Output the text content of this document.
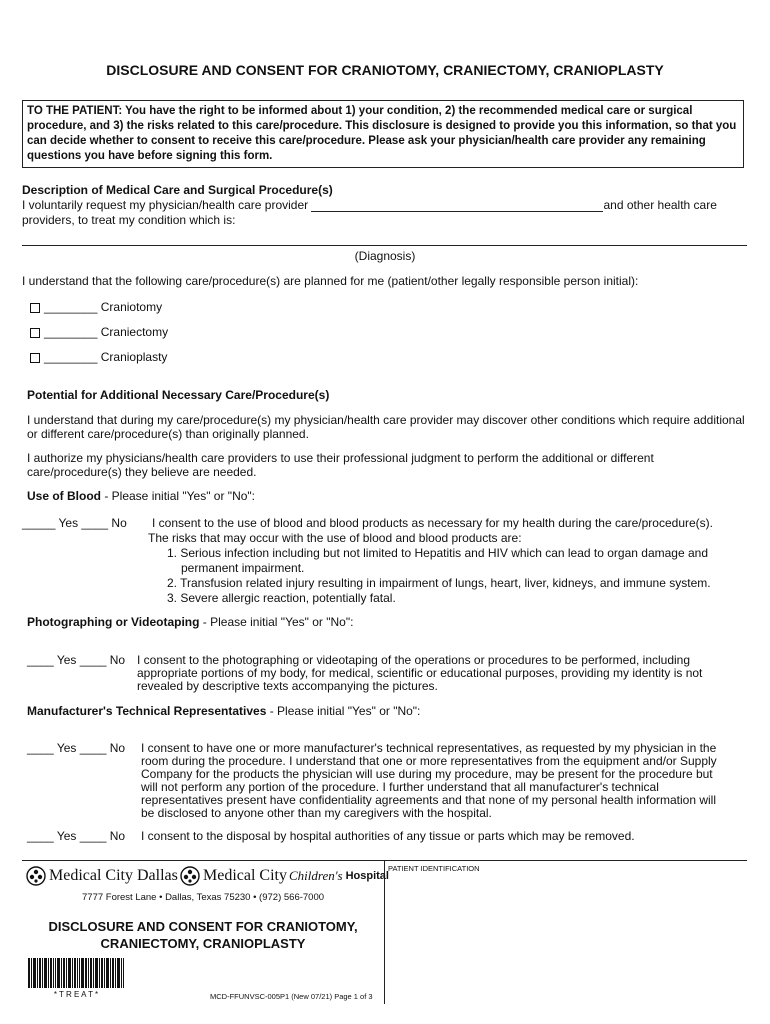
DISCLOSURE AND CONSENT FOR CRANIOTOMY, CRANIECTOMY, CRANIOPLASTY
TO THE PATIENT: You have the right to be informed about 1) your condition, 2) the recommended medical care or surgical procedure, and 3) the risks related to this care/procedure. This disclosure is designed to provide you this information, so that you can decide whether to consent to receive this care/procedure. Please ask your physician/health care provider any remaining questions you have before signing this form.
Description of Medical Care and Surgical Procedure(s)
I voluntarily request my physician/health care provider	and other health care
providers, to treat my condition which is:
(Diagnosis)
I understand that the following care/procedure(s) are planned for me (patient/other legally responsible person initial):
________ Craniotomy
________ Craniectomy
________ Cranioplasty
Potential for Additional Necessary Care/Procedure(s)
I understand that during my care/procedure(s) my physician/health care provider may discover other conditions which require additional or different care/procedure(s) than originally planned.
I authorize my physicians/health care providers to use their professional judgment to perform the additional or different care/procedure(s) they believe are needed.
Use of Blood - Please initial "Yes" or "No":
_____ Yes ____ No I consent to the use of blood and blood products as necessary for my health during the care/procedure(s).
The risks that may occur with the use of blood and blood products are:
1. Serious infection including but not limited to Hepatitis and HIV which can lead to organ damage and
permanent impairment.
2. Transfusion related injury resulting in impairment of lungs, heart, liver, kidneys, and immune system.
3. Severe allergic reaction, potentially fatal.
Photographing or Videotaping - Please initial "Yes" or "No":
____ Yes ____ No I consent to the photographing or videotaping of the operations or procedures to be performed, including
appropriate portions of my body, for medical, scientific or educational purposes, providing my identity is not
revealed by descriptive texts accompanying the pictures.
Manufacturer's Technical Representatives - Please initial "Yes" or "No":
____ Yes ____ No I consent to have one or more manufacturer's technical representatives, as requested by my physician in the
room during the procedure. I understand that one or more representatives from the equipment and/or Supply
Company for the products the physician will use during my procedure, may be present for the procedure but
will not perform any portion of the procedure. I further understand that all manufacturer's technical
representatives present have confidentiality agreements and that none of my personal health information will
be disclosed to anyone other than my caregivers with the hospital.
____ Yes ____ No I consent to the disposal by hospital authorities of any tissue or parts which may be removed.
Medical City Dallas Medical City Children's Hospital
7777 Forest Lane • Dallas, Texas 75230 • (972) 566-7000
DISCLOSURE AND CONSENT FOR CRANIOTOMY,
CRANIECTOMY, CRANIOPLASTY
* T R E A T *	MCD-FFUNVSC-005P1 (New 07/21) Page 1 of 3
PATIENT IDENTIFICATION
